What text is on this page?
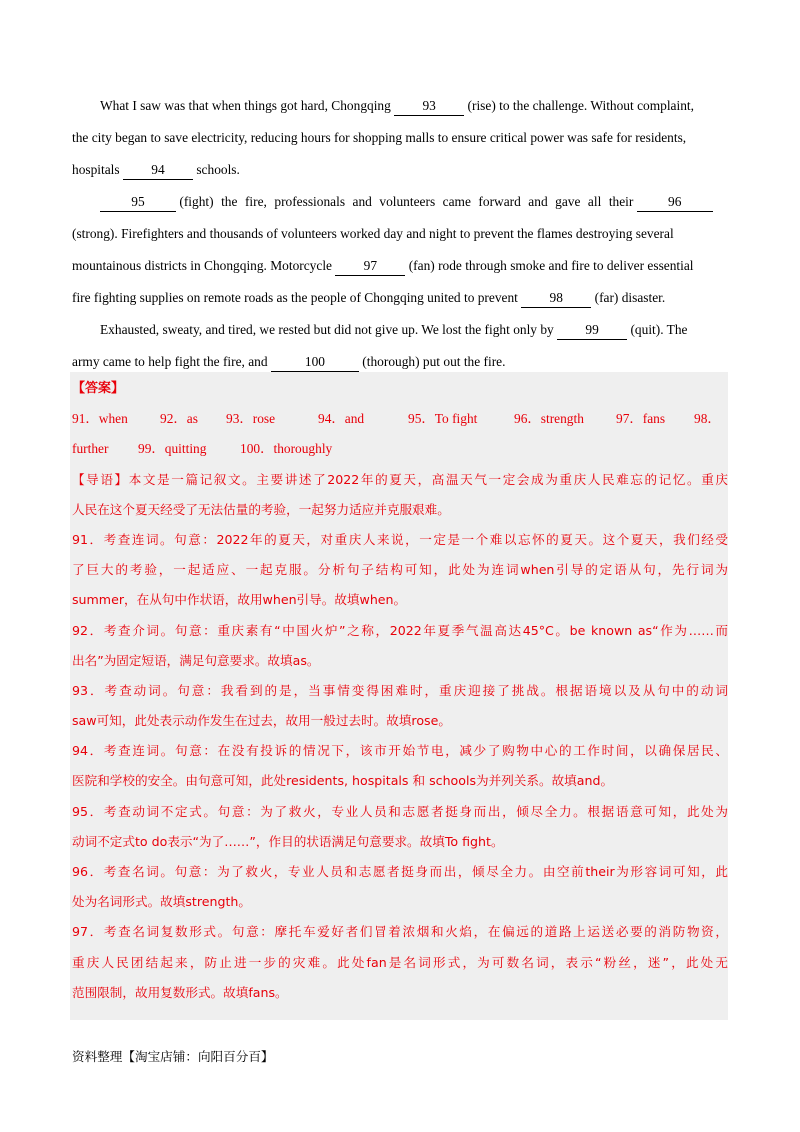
What I saw was that when things got hard, Chongqing 93 (rise) to the challenge. Without complaint,
the city began to save electricity, reducing hours for shopping malls to ensure critical power was safe for residents,
hospitals 94 schools.
95	(fight) the fire, professionals and volunteers came forward and gave all their	96
(strong). Firefighters and thousands of volunteers worked day and night to prevent the flames destroying several
mountainous districts in Chongqing. Motorcycle 97 (fan) rode through smoke and fire to deliver essential
fire fighting supplies on remote roads as the people of Chongqing united to prevent 98 (far) disaster.
Exhausted, sweaty, and tired, we rested but did not give up. We lost the fight only by 99 (quit). The
army came to help fight the fire, and	100	(thorough) put out the fire.
【答案】
91．when 92．as 93．rose	94．and	95．To fight	96．strength 97．fans 98．
further 99．quitting	100．thoroughly
【导语】本文是一篇记叙文。主要讲述了2022年的夏天，高温天气一定会成为重庆人民难忘的记忆。重庆
人民在这个夏天经受了无法估量的考验，一起努力适应并克服艰难。
91．考查连词。句意：2022年的夏天，对重庆人来说，一定是一个难以忘怀的夏天。这个夏天，我们经受
了巨大的考验，一起适应、一起克服。分析句子结构可知，此处为连词when引导的定语从句，先行词为
summer，在从句中作状语，故用when引导。故填when。
92．考查介词。句意：重庆素有“中国火炉”之称，2022年夏季气温高达45°C。be known as“作为……而
出名”为固定短语，满足句意要求。故填as。
93．考查动词。句意：我看到的是，当事情变得困难时，重庆迎接了挑战。根据语境以及从句中的动词
saw可知，此处表示动作发生在过去，故用一般过去时。故填rose。
94．考查连词。句意：在没有投诉的情况下，该市开始节电，减少了购物中心的工作时间，以确保居民、
医院和学校的安全。由句意可知，此处residents, hospitals 和 schools为并列关系。故填and。
95．考查动词不定式。句意：为了救火，专业人员和志愿者挺身而出，倾尽全力。根据语意可知，此处为
动词不定式to do表示“为了……”，作目的状语满足句意要求。故填To fight。
96．考查名词。句意：为了救火，专业人员和志愿者挺身而出，倾尽全力。由空前their为形容词可知，此
处为名词形式。故填strength。
97．考查名词复数形式。句意：摩托车爱好者们冒着浓烟和火焰，在偏远的道路上运送必要的消防物资，
重庆人民团结起来，防止进一步的灾难。此处fan是名词形式，为可数名词，表示“粉丝，迷”，此处无
范围限制，故用复数形式。故填fans。
资料整理【淘宝店铺：向阳百分百】
